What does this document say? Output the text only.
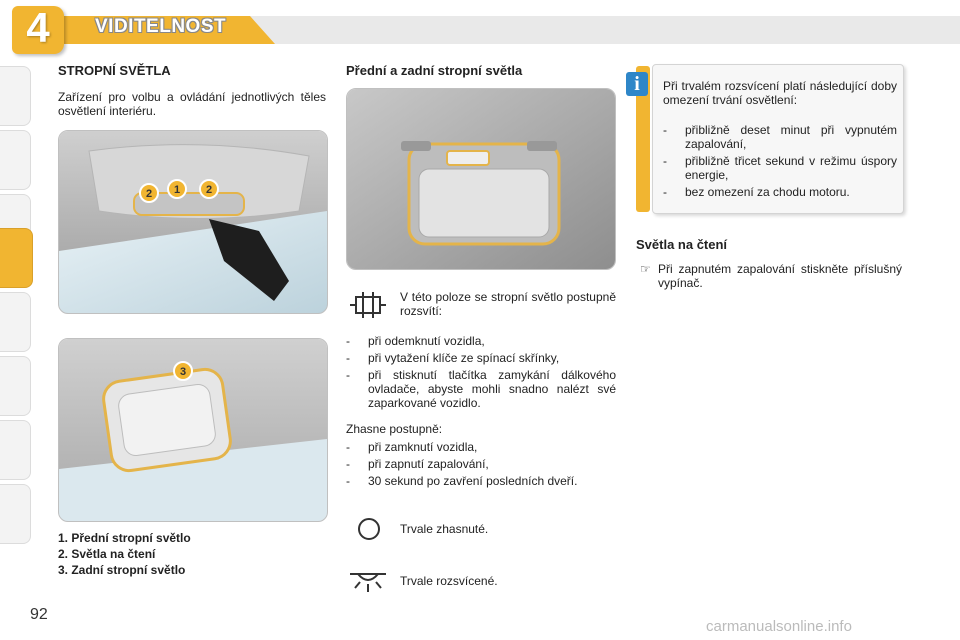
4	VIDITELNOST
STROPNÍ SVĚTLA

Zařízení pro volbu a ovládání jednotlivých těles osvětlení interiéru.

2 1 2
3
1. Přední stropní světlo
2. Světla na čtení
3. Zadní stropní světlo
Přední a zadní stropní světla

V této poloze se stropní světlo postupně rozsvítí:

- při odemknutí vozidla,
- při vytažení klíče ze spínací skřínky,
- při stisknutí tlačítka zamykání dálkového ovladače, abyste mohli snadno nalézt své zaparkované vozidlo.

Zhasne postupně:

- při zamknutí vozidla,
- při zapnutí zapalování,
- 30 sekund po zavření posledních dveří.

Trvale zhasnuté.

Trvale rozsvícené.

Při trvalém rozsvícení platí následující doby omezení trvání osvětlení:

- přibližně deset minut při vypnutém zapalování,
- přibližně třicet sekund v režimu úspory energie,
- bez omezení za chodu motoru.
i
Světla na čtení
☞ Při zapnutém zapalování stiskněte příslušný vypínač.

92
carmanualsonline.info
